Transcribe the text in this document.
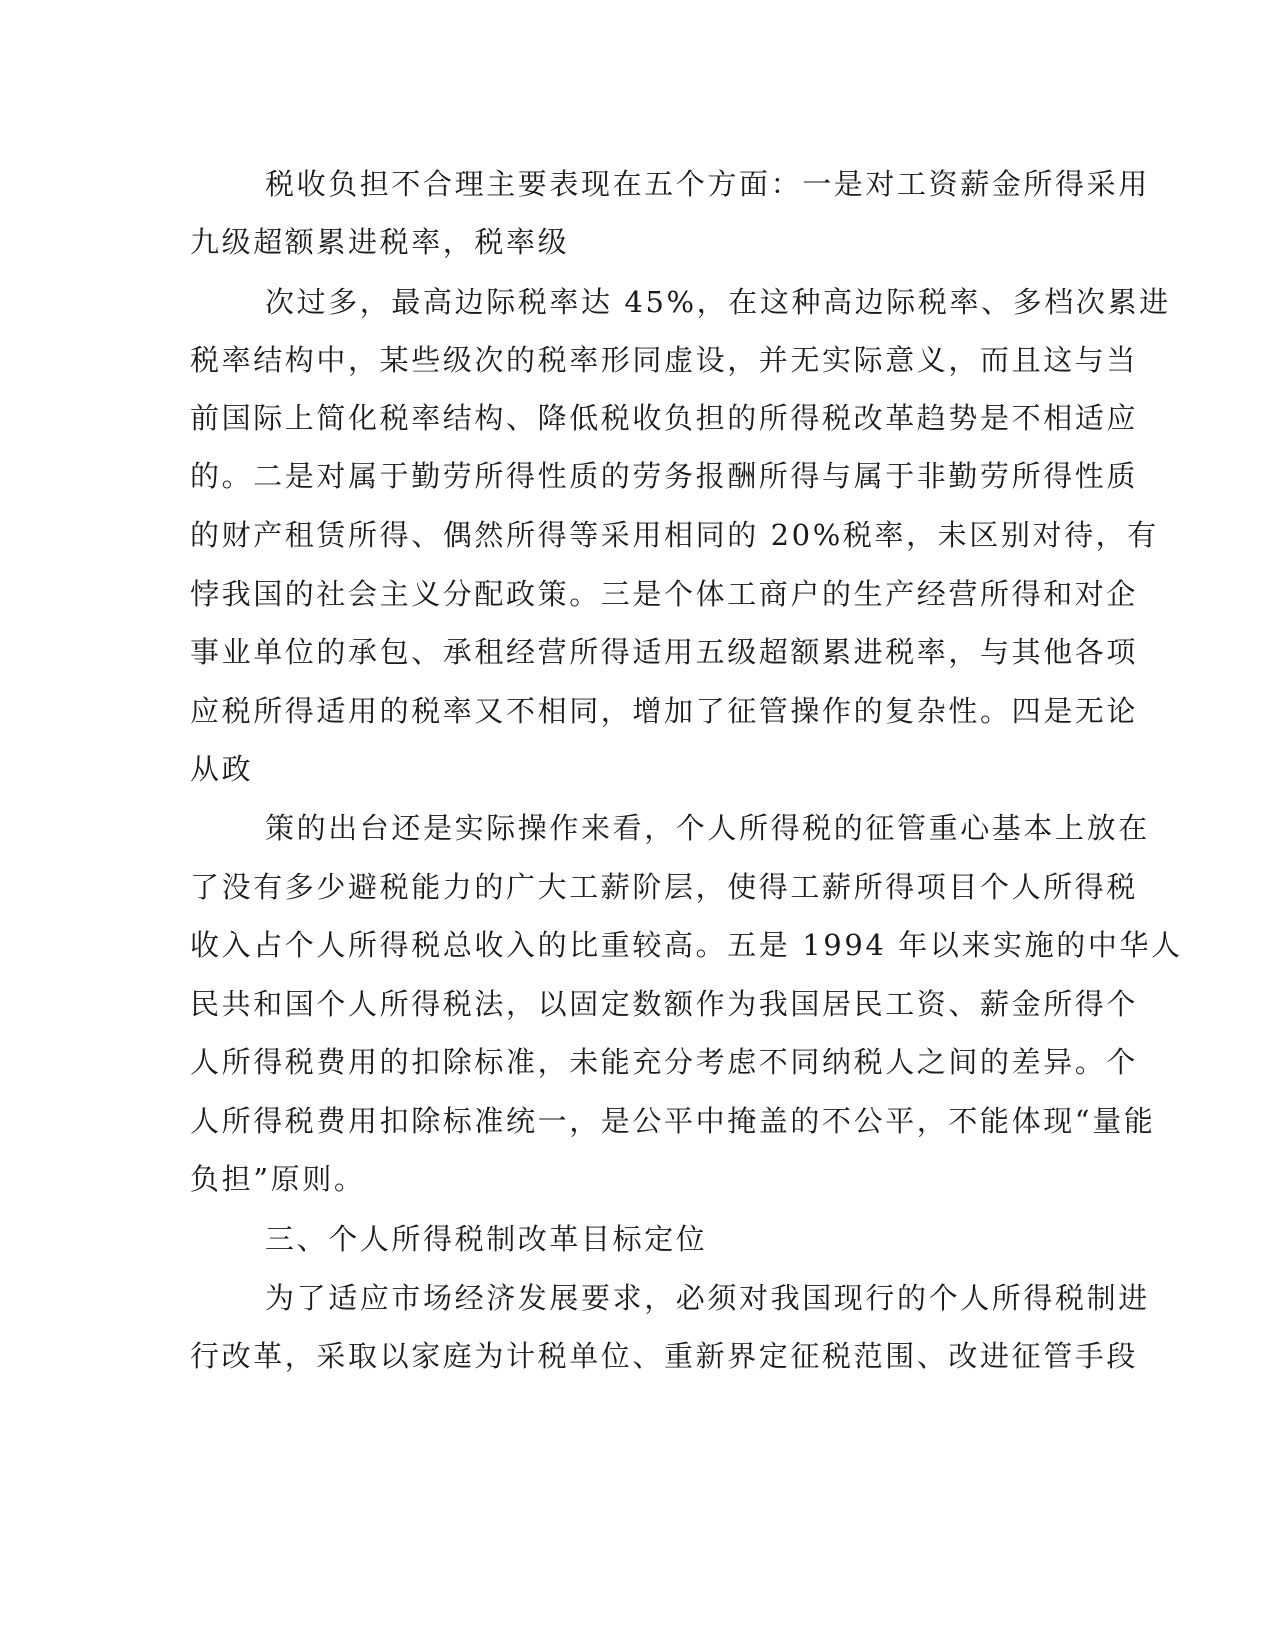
税收负担不合理主要表现在五个方面：一是对工资薪金所得采用
九级超额累进税率，税率级
次过多，最高边际税率达 45%，在这种高边际税率、多档次累进
税率结构中，某些级次的税率形同虚设，并无实际意义，而且这与当
前国际上简化税率结构、降低税收负担的所得税改革趋势是不相适应
的。二是对属于勤劳所得性质的劳务报酬所得与属于非勤劳所得性质
的财产租赁所得、偶然所得等采用相同的 20%税率，未区别对待，有
悖我国的社会主义分配政策。三是个体工商户的生产经营所得和对企
事业单位的承包、承租经营所得适用五级超额累进税率，与其他各项
应税所得适用的税率又不相同，增加了征管操作的复杂性。四是无论
从政
策的出台还是实际操作来看，个人所得税的征管重心基本上放在
了没有多少避税能力的广大工薪阶层，使得工薪所得项目个人所得税
收入占个人所得税总收入的比重较高。五是 1994 年以来实施的中华人
民共和国个人所得税法，以固定数额作为我国居民工资、薪金所得个
人所得税费用的扣除标准，未能充分考虑不同纳税人之间的差异。个
人所得税费用扣除标准统一，是公平中掩盖的不公平，不能体现“量能
负担”原则。
三、个人所得税制改革目标定位
为了适应市场经济发展要求，必须对我国现行的个人所得税制进
行改革，采取以家庭为计税单位、重新界定征税范围、改进征管手段
